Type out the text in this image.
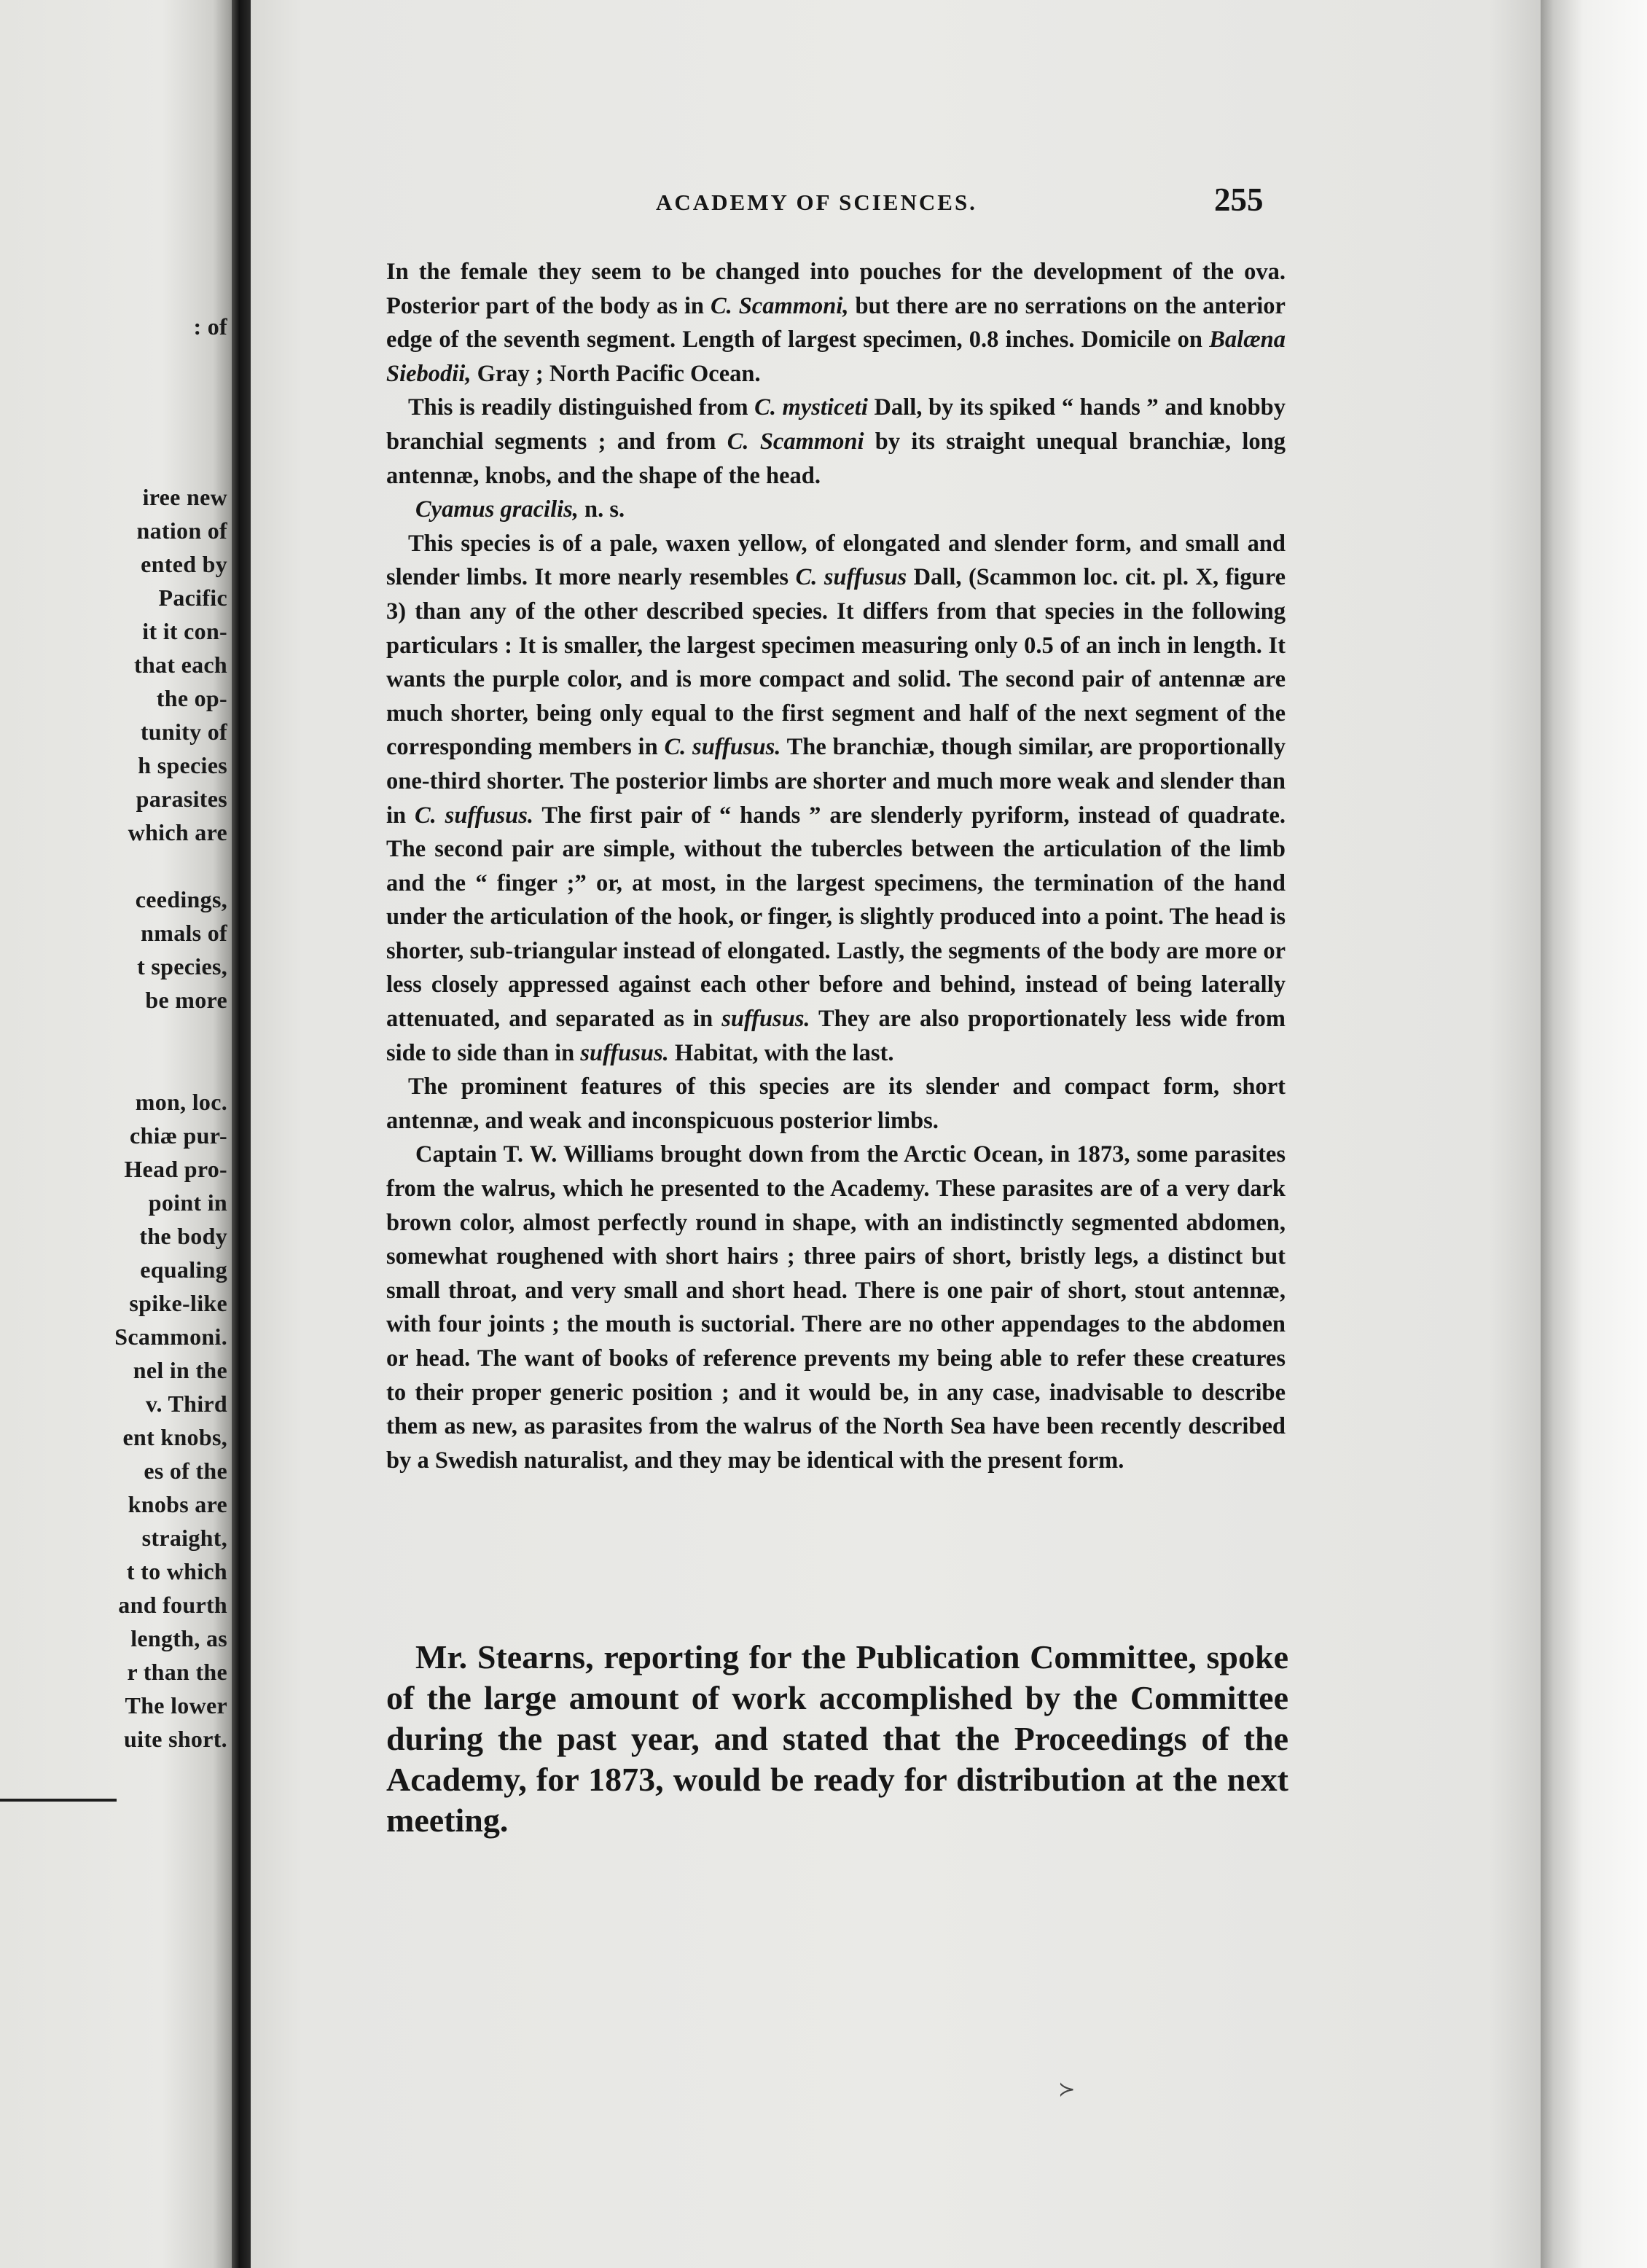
: of
iree new
nation of
ented by
Pacific
it it con-
that each
the op-
tunity of
h species
parasites
which are
ceedings,
nmals of
t species,
be more
mon, loc.
chiæ pur-
Head pro-
point in
the body
equaling
spike-like
Scammoni.
nel in the
v. Third
ent knobs,
es of the
knobs are
straight,
t to which
and fourth
length, as
r than the
The lower
uite short.
ACADEMY OF SCIENCES.	255

In the female they seem to be changed into pouches for the development of the ova. Posterior part of the body as in C. Scammoni, but there are no serrations on the anterior edge of the seventh segment. Length of largest specimen, 0.8 inches. Domicile on Balæna Siebodii, Gray ; North Pacific Ocean.

This is readily distinguished from C. mysticeti Dall, by its spiked “ hands ” and knobby branchial segments ; and from C. Scammoni by its straight unequal branchiæ, long antennæ, knobs, and the shape of the head.

Cyamus gracilis, n. s.

This species is of a pale, waxen yellow, of elongated and slender form, and small and slender limbs. It more nearly resembles C. suffusus Dall, (Scammon loc. cit. pl. X, figure 3) than any of the other described species. It differs from that species in the following particulars : It is smaller, the largest specimen measuring only 0.5 of an inch in length. It wants the purple color, and is more compact and solid. The second pair of antennæ are much shorter, being only equal to the first segment and half of the next segment of the corresponding members in C. suffusus. The branchiæ, though similar, are proportionally one-third shorter. The posterior limbs are shorter and much more weak and slender than in C. suffusus. The first pair of “ hands ” are slenderly pyriform, instead of quadrate. The second pair are simple, without the tubercles between the articulation of the limb and the “ finger ;” or, at most, in the largest specimens, the termination of the hand under the articulation of the hook, or finger, is slightly produced into a point. The head is shorter, sub-triangular instead of elongated. Lastly, the segments of the body are more or less closely appressed against each other before and behind, instead of being laterally attenuated, and separated as in suffusus. They are also proportionately less wide from side to side than in suffusus. Habitat, with the last.

The prominent features of this species are its slender and compact form, short antennæ, and weak and inconspicuous posterior limbs.

Captain T. W. Williams brought down from the Arctic Ocean, in 1873, some parasites from the walrus, which he presented to the Academy. These parasites are of a very dark brown color, almost perfectly round in shape, with an indistinctly segmented abdomen, somewhat roughened with short hairs ; three pairs of short, bristly legs, a distinct but small throat, and very small and short head. There is one pair of short, stout antennæ, with four joints ; the mouth is suctorial. There are no other appendages to the abdomen or head. The want of books of reference prevents my being able to refer these creatures to their proper generic position ; and it would be, in any case, inadvisable to describe them as new, as parasites from the walrus of the North Sea have been recently described by a Swedish naturalist, and they may be identical with the present form.

Mr. Stearns, reporting for the Publication Committee, spoke of the large amount of work accomplished by the Committee during the past year, and stated that the Proceedings of the Academy, for 1873, would be ready for distribution at the next meeting.

≻
